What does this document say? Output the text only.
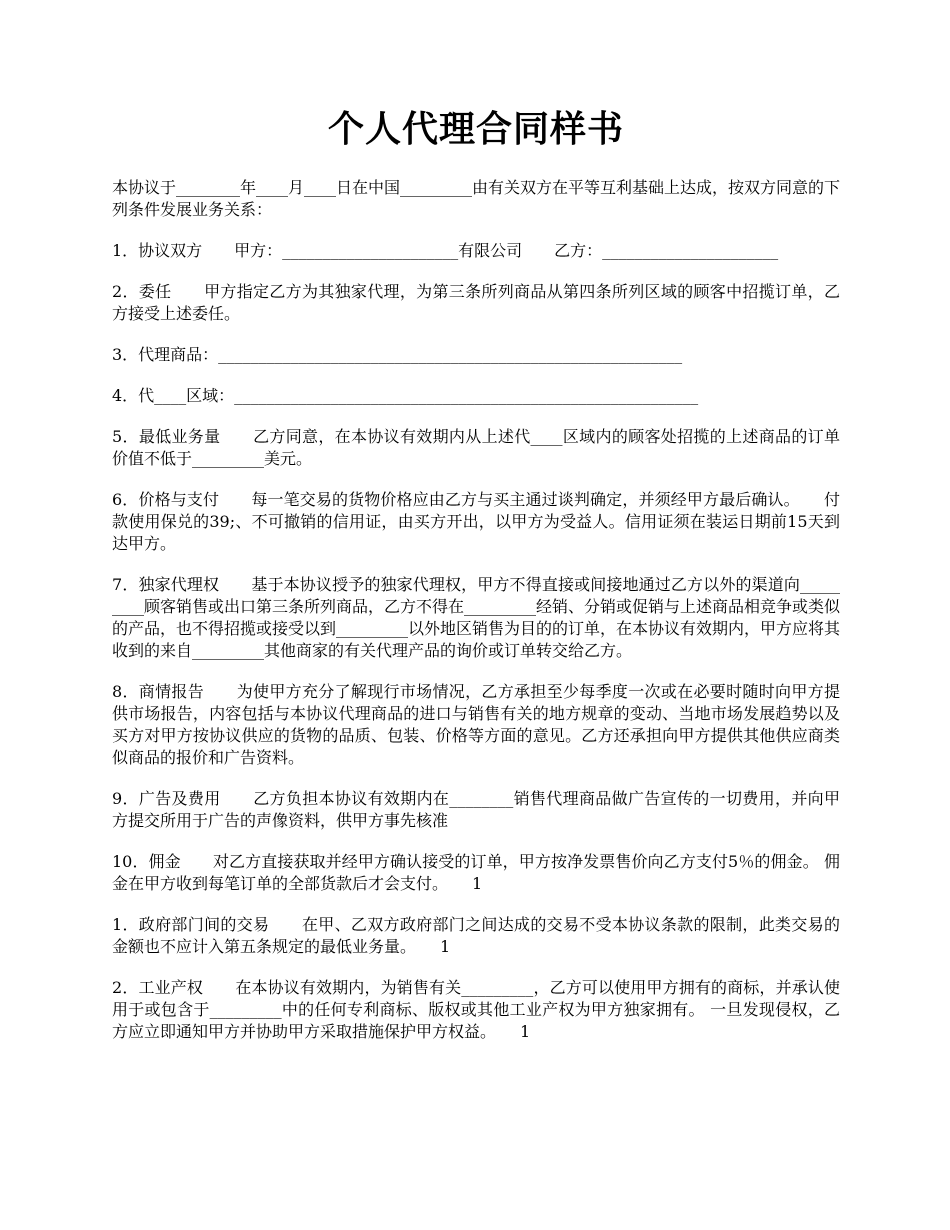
个人代理合同样书

本协议于________年____月____日在中国_________由有关双方在平等互利基础上达成，按双方同意的下列条件发展业务关系：

1．协议双方　　甲方：______________________有限公司　　乙方：______________________

2．委任　　甲方指定乙方为其独家代理，为第三条所列商品从第四条所列区域的顾客中招揽订单，乙方接受上述委任。

3．代理商品：__________________________________________________________

4．代____区域：__________________________________________________________

5．最低业务量　　乙方同意，在本协议有效期内从上述代____区域内的顾客处招揽的上述商品的订单价值不低于_________美元。

6．价格与支付　　每一笔交易的货物价格应由乙方与买主通过谈判确定，并须经甲方最后确认。　　付款使用保兑的39;、不可撤销的信用证，由买方开出，以甲方为受益人。信用证须在装运日期前15天到达甲方。

7．独家代理权　　基于本协议授予的独家代理权，甲方不得直接或间接地通过乙方以外的渠道向_________顾客销售或出口第三条所列商品，乙方不得在_________经销、分销或促销与上述商品相竞争或类似的产品，也不得招揽或接受以到_________以外地区销售为目的的订单，在本协议有效期内，甲方应将其收到的来自_________其他商家的有关代理产品的询价或订单转交给乙方。

8．商情报告　　为使甲方充分了解现行市场情况，乙方承担至少每季度一次或在必要时随时向甲方提供市场报告，内容包括与本协议代理商品的进口与销售有关的地方规章的变动、当地市场发展趋势以及买方对甲方按协议供应的货物的品质、包装、价格等方面的意见。乙方还承担向甲方提供其他供应商类似商品的报价和广告资料。

9．广告及费用　　乙方负担本协议有效期内在________销售代理商品做广告宣传的一切费用，并向甲方提交所用于广告的声像资料，供甲方事先核准

10．佣金　　对乙方直接获取并经甲方确认接受的订单，甲方按净发票售价向乙方支付5％的佣金。 佣金在甲方收到每笔订单的全部货款后才会支付。　　1

1．政府部门间的交易　　在甲、乙双方政府部门之间达成的交易不受本协议条款的限制，此类交易的金额也不应计入第五条规定的最低业务量。　　1

2．工业产权　　在本协议有效期内，为销售有关_________，乙方可以使用甲方拥有的商标，并承认使用于或包含于_________中的任何专利商标、版权或其他工业产权为甲方独家拥有。 一旦发现侵权，乙方应立即通知甲方并协助甲方采取措施保护甲方权益。　　1
